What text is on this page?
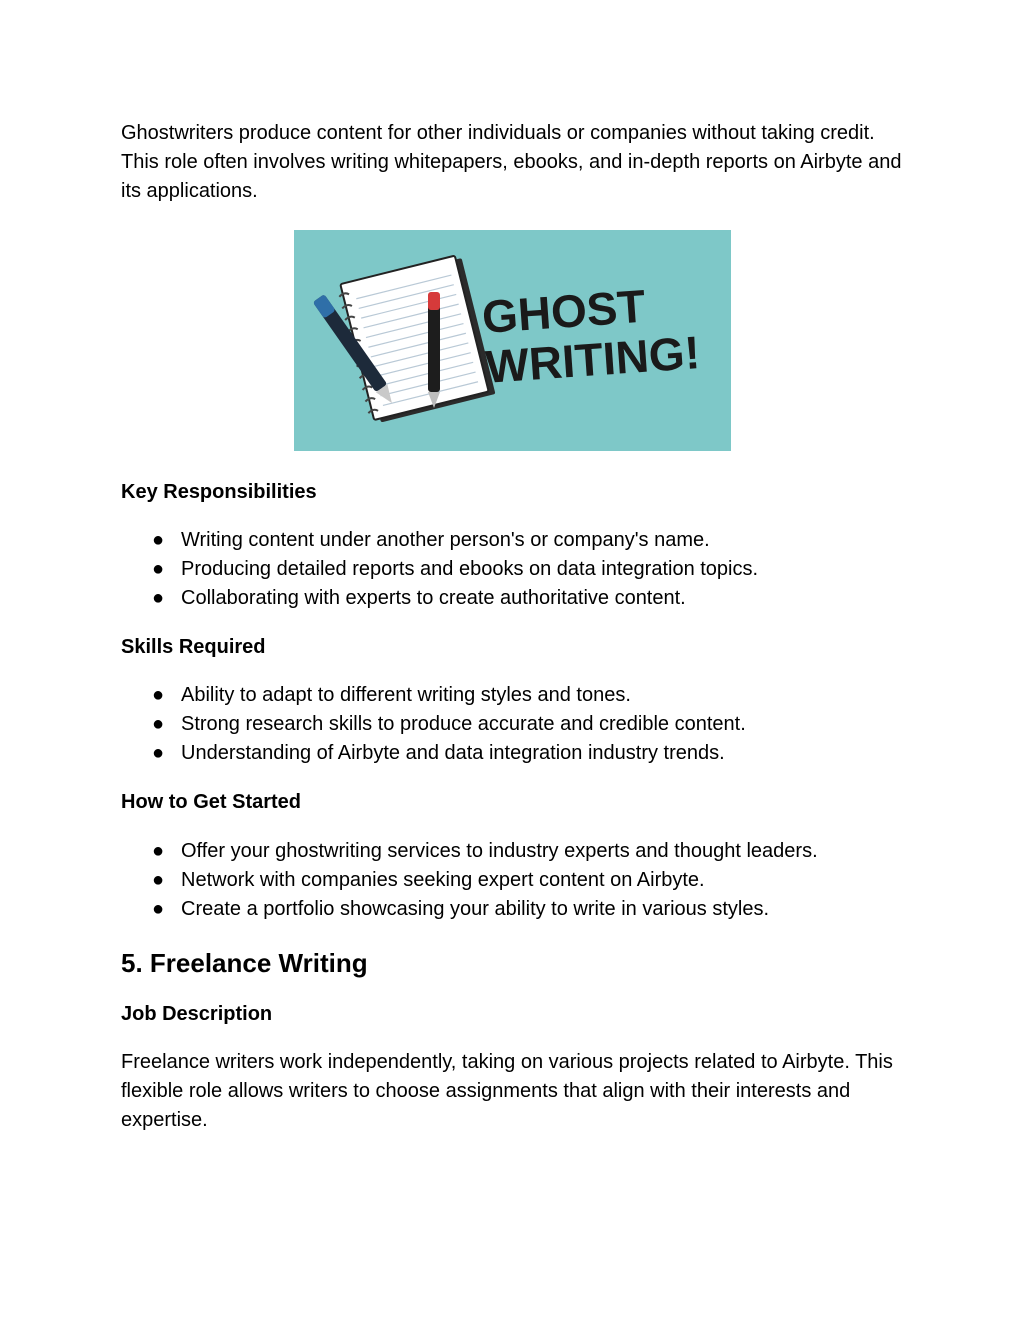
Ghostwriters produce content for other individuals or companies without taking credit. This role often involves writing whitepapers, ebooks, and in-depth reports on Airbyte and its applications.

GHOST
WRITING!
Key Responsibilities
● Writing content under another person's or company's name.
● Producing detailed reports and ebooks on data integration topics.
● Collaborating with experts to create authoritative content.
Skills Required
● Ability to adapt to different writing styles and tones.
● Strong research skills to produce accurate and credible content.
● Understanding of Airbyte and data integration industry trends.
How to Get Started
● Offer your ghostwriting services to industry experts and thought leaders.
● Network with companies seeking expert content on Airbyte.
● Create a portfolio showcasing your ability to write in various styles.
5. Freelance Writing
Job Description

Freelance writers work independently, taking on various projects related to Airbyte. This flexible role allows writers to choose assignments that align with their interests and expertise.
